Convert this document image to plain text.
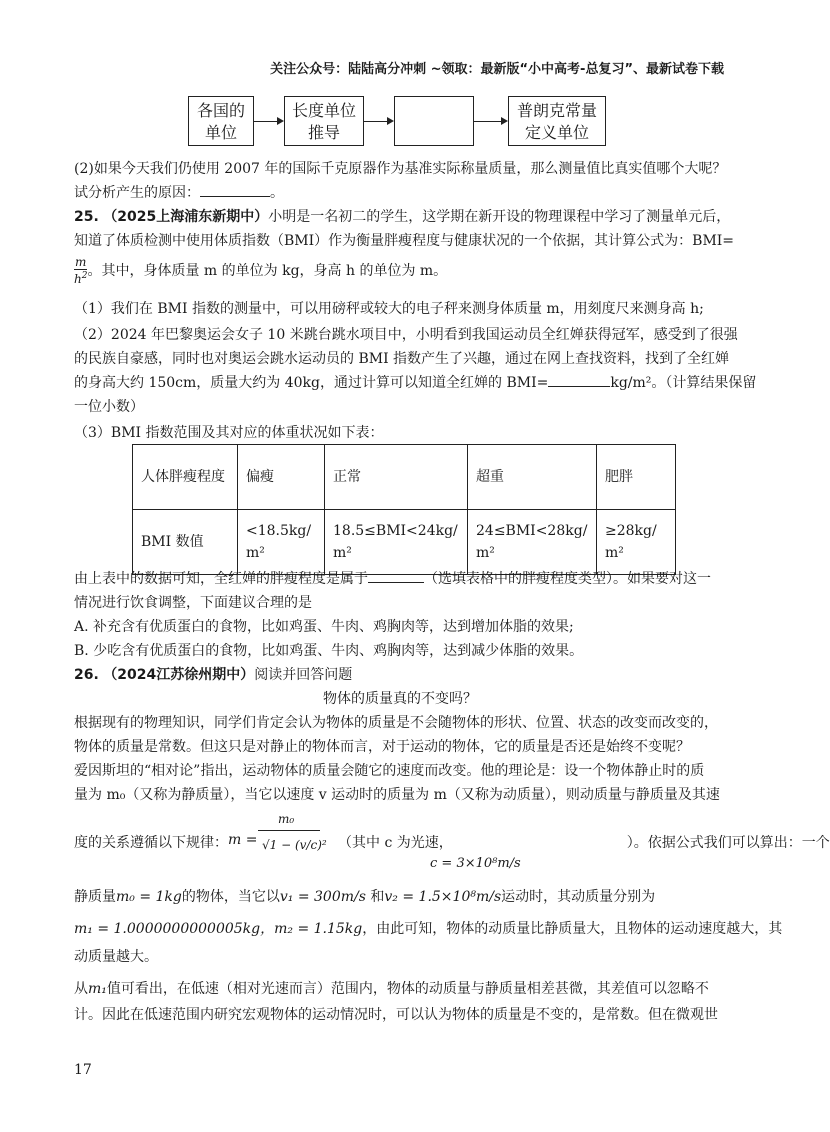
关注公众号：陆陆高分冲刺 ~领取：最新版“小中高考-总复习”、最新试卷下载
各国的
单位
长度单位
推导
普朗克常量
定义单位
(2)如果今天我们仍使用 2007 年的国际千克原器作为基准实际称量质量，那么测量值比真实值哪个大呢？
试分析产生的原因：	。
25. （2025上海浦东新期中）小明是一名初二的学生，这学期在新开设的物理课程中学习了测量单元后，
知道了体质检测中使用体质指数（BMI）作为衡量胖瘦程度与健康状况的一个依据，其计算公式为：BMI=
$\frac{m}{h^2}$ 。其中，身体质量 m 的单位为 kg，身高 h 的单位为 m。
（1）我们在 BMI 指数的测量中，可以用磅秤或较大的电子秤来测身体质量 m，用刻度尺来测身高 h;
（2）2024 年巴黎奥运会女子 10 米跳台跳水项目中，小明看到我国运动员全红婵获得冠军，感受到了很强
的民族自豪感，同时也对奥运会跳水运动员的 BMI 指数产生了兴趣，通过在网上查找资料，找到了全红婵
的身高大约 150cm，质量大约为 40kg，通过计算可以知道全红婵的 BMI=	kg/m²。（计算结果保留
一位小数）
（3）BMI 指数范围及其对应的体重状况如下表：
人体胖瘦程度	偏瘦	正常	超重	肥胖
BMI 数值	<18.5kg/m²	18.5≤BMI<24kg/m²	24≤BMI<28kg/m²	≥28kg/m²
由上表中的数据可知，全红婵的胖瘦程度是属于	（选填表格中的胖瘦程度类型）。如果要对这一
情况进行饮食调整，下面建议合理的是
A. 补充含有优质蛋白的食物，比如鸡蛋、牛肉、鸡胸肉等，达到增加体脂的效果;
B. 少吃含有优质蛋白的食物，比如鸡蛋、牛肉、鸡胸肉等，达到减少体脂的效果。
26. （2024江苏徐州期中）阅读并回答问题
物体的质量真的不变吗？
根据现有的物理知识，同学们肯定会认为物体的质量是不会随物体的形状、位置、状态的改变而改变的，
物体的质量是常数。但这只是对静止的物体而言，对于运动的物体，它的质量是否还是始终不变呢？
爱因斯坦的“相对论”指出，运动物体的质量会随它的速度而改变。他的理论是：设一个物体静止时的质
量为 m₀（又称为静质量），当它以速度 v 运动时的质量为 m（又称为动质量），则动质量与静质量及其速
度的关系遵循以下规律：	（其中 c 为光速，	）。依据公式我们可以算出：一个
m =
m₀
√1 − (v/c)²
c = 3×10⁸m/s
静质量m₀ = 1kg的物体，当它以v₁ = 300m/s 和v₂ = 1.5×10⁸m/s运动时，其动质量分别为
m₁ = 1.0000000000005kg，m₂ = 1.15kg，由此可知，物体的动质量比静质量大，且物体的运动速度越大，其
动质量越大。
从m₁值可看出，在低速（相对光速而言）范围内，物体的动质量与静质量相差甚微，其差值可以忽略不
计。因此在低速范围内研究宏观物体的运动情况时，可以认为物体的质量是不变的，是常数。但在微观世
17
